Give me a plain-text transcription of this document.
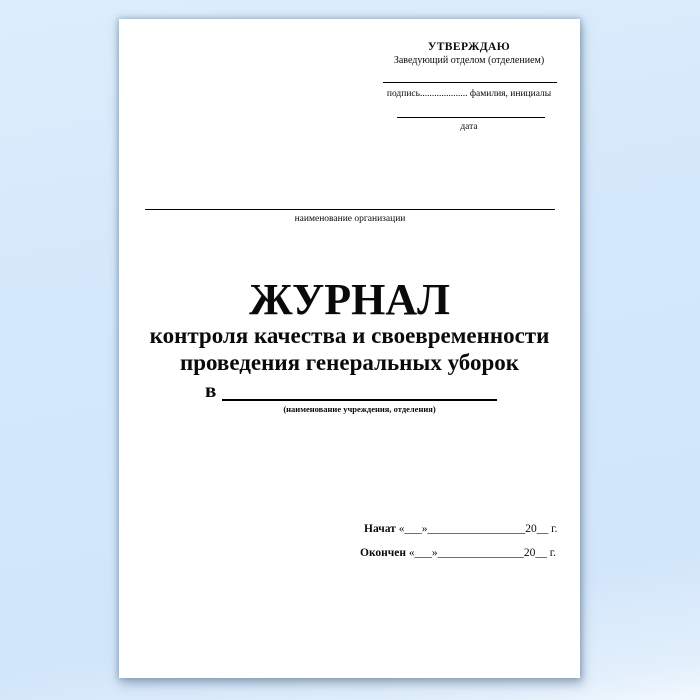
УТВЕРЖДАЮ
Заведующий отделом (отделением)
подпись.................... фамилия, инициалы
дата
наименование организации
ЖУРНАЛ
контроля качества и своевременности
проведения генеральных уборок
в
(наименование учреждения, отделения)
Начат «___»_________________20__ г.
Окончен «___»_______________20__ г.
